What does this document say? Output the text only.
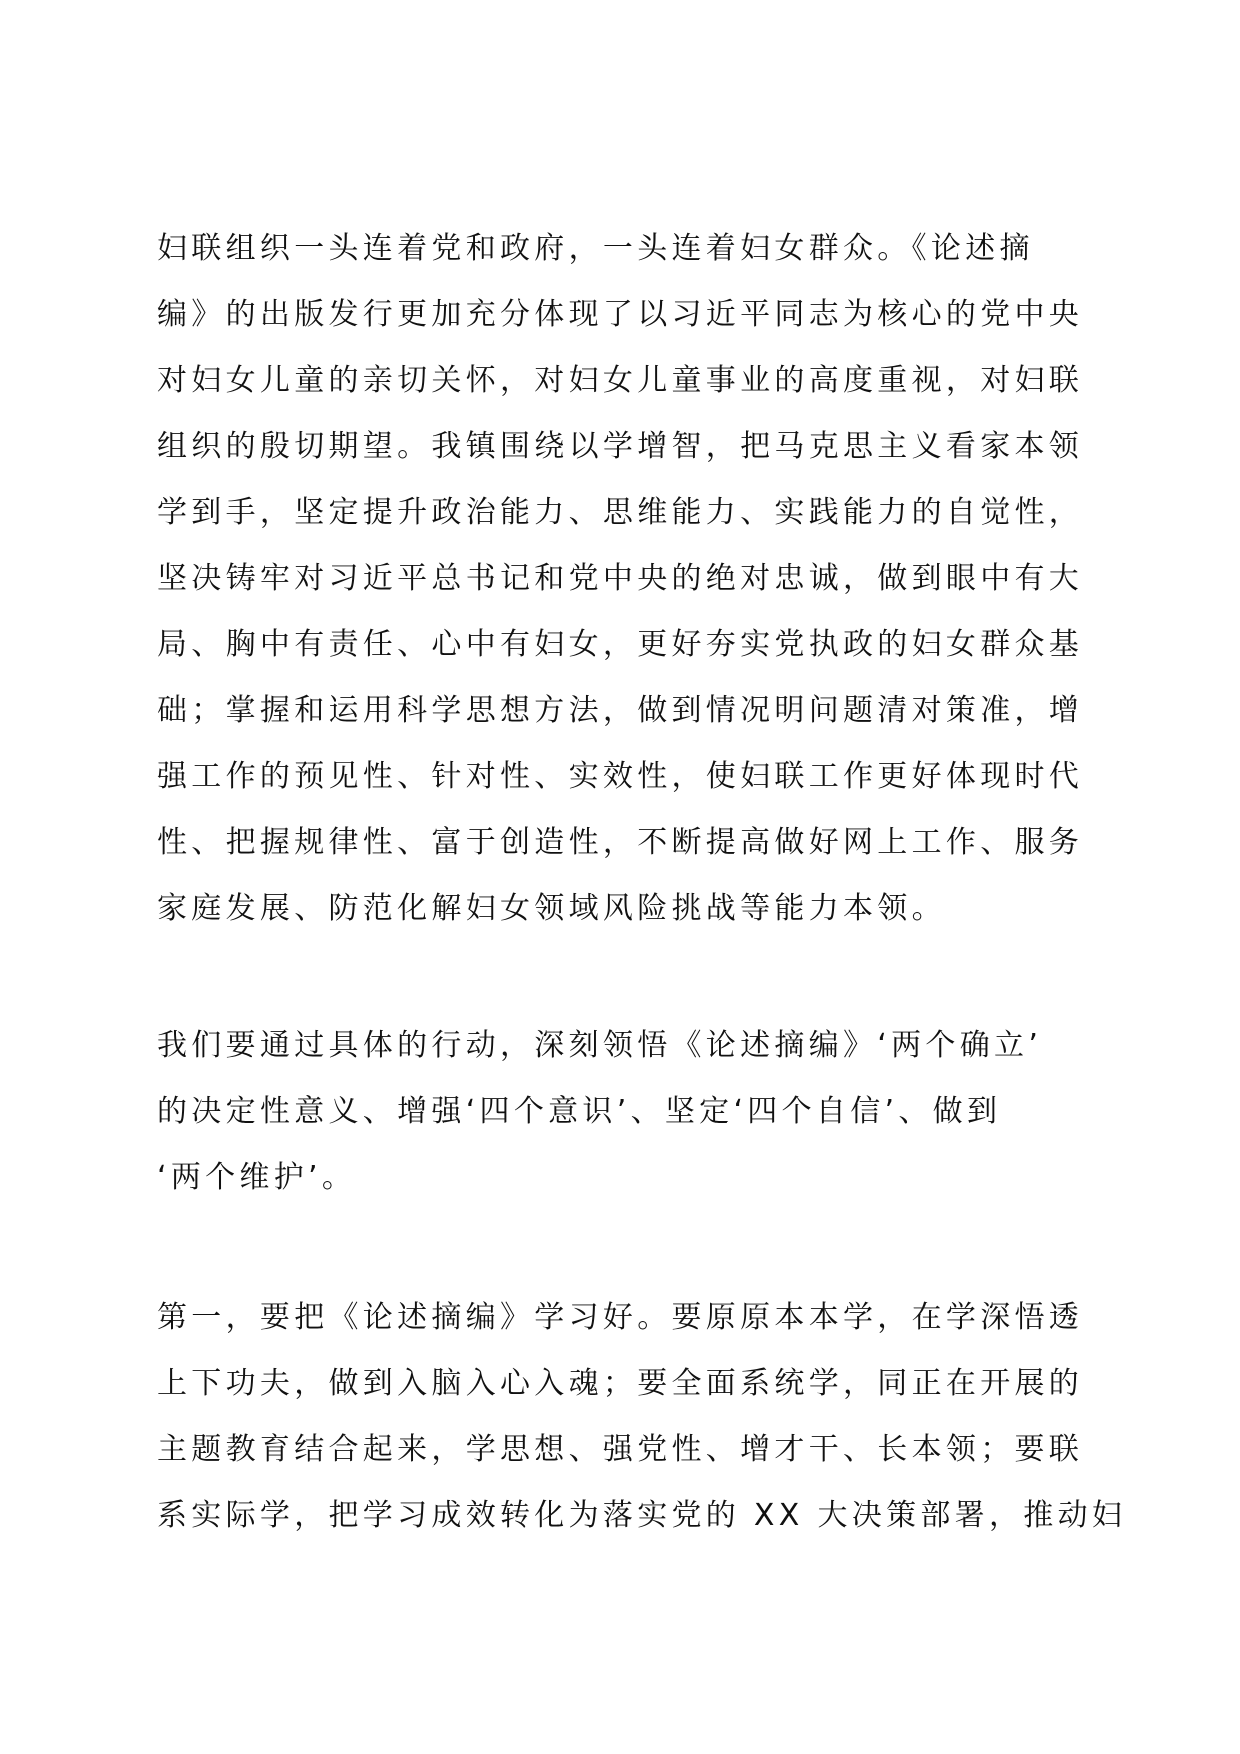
妇联组织一头连着党和政府，一头连着妇女群众。《论述摘
编》的出版发行更加充分体现了以习近平同志为核心的党中央
对妇女儿童的亲切关怀，对妇女儿童事业的高度重视，对妇联
组织的殷切期望。我镇围绕以学增智，把马克思主义看家本领
学到手，坚定提升政治能力、思维能力、实践能力的自觉性，
坚决铸牢对习近平总书记和党中央的绝对忠诚，做到眼中有大
局、胸中有责任、心中有妇女，更好夯实党执政的妇女群众基
础；掌握和运用科学思想方法，做到情况明问题清对策准，增
强工作的预见性、针对性、实效性，使妇联工作更好体现时代
性、把握规律性、富于创造性，不断提高做好网上工作、服务
家庭发展、防范化解妇女领域风险挑战等能力本领。
我们要通过具体的行动，深刻领悟《论述摘编》‘两个确立’
的决定性意义、增强‘四个意识’、坚定‘四个自信’、做到
‘两个维护’。
第一，要把《论述摘编》学习好。要原原本本学，在学深悟透
上下功夫，做到入脑入心入魂；要全面系统学，同正在开展的
主题教育结合起来，学思想、强党性、增才干、长本领；要联
系实际学，把学习成效转化为落实党的 XX 大决策部署，推动妇
